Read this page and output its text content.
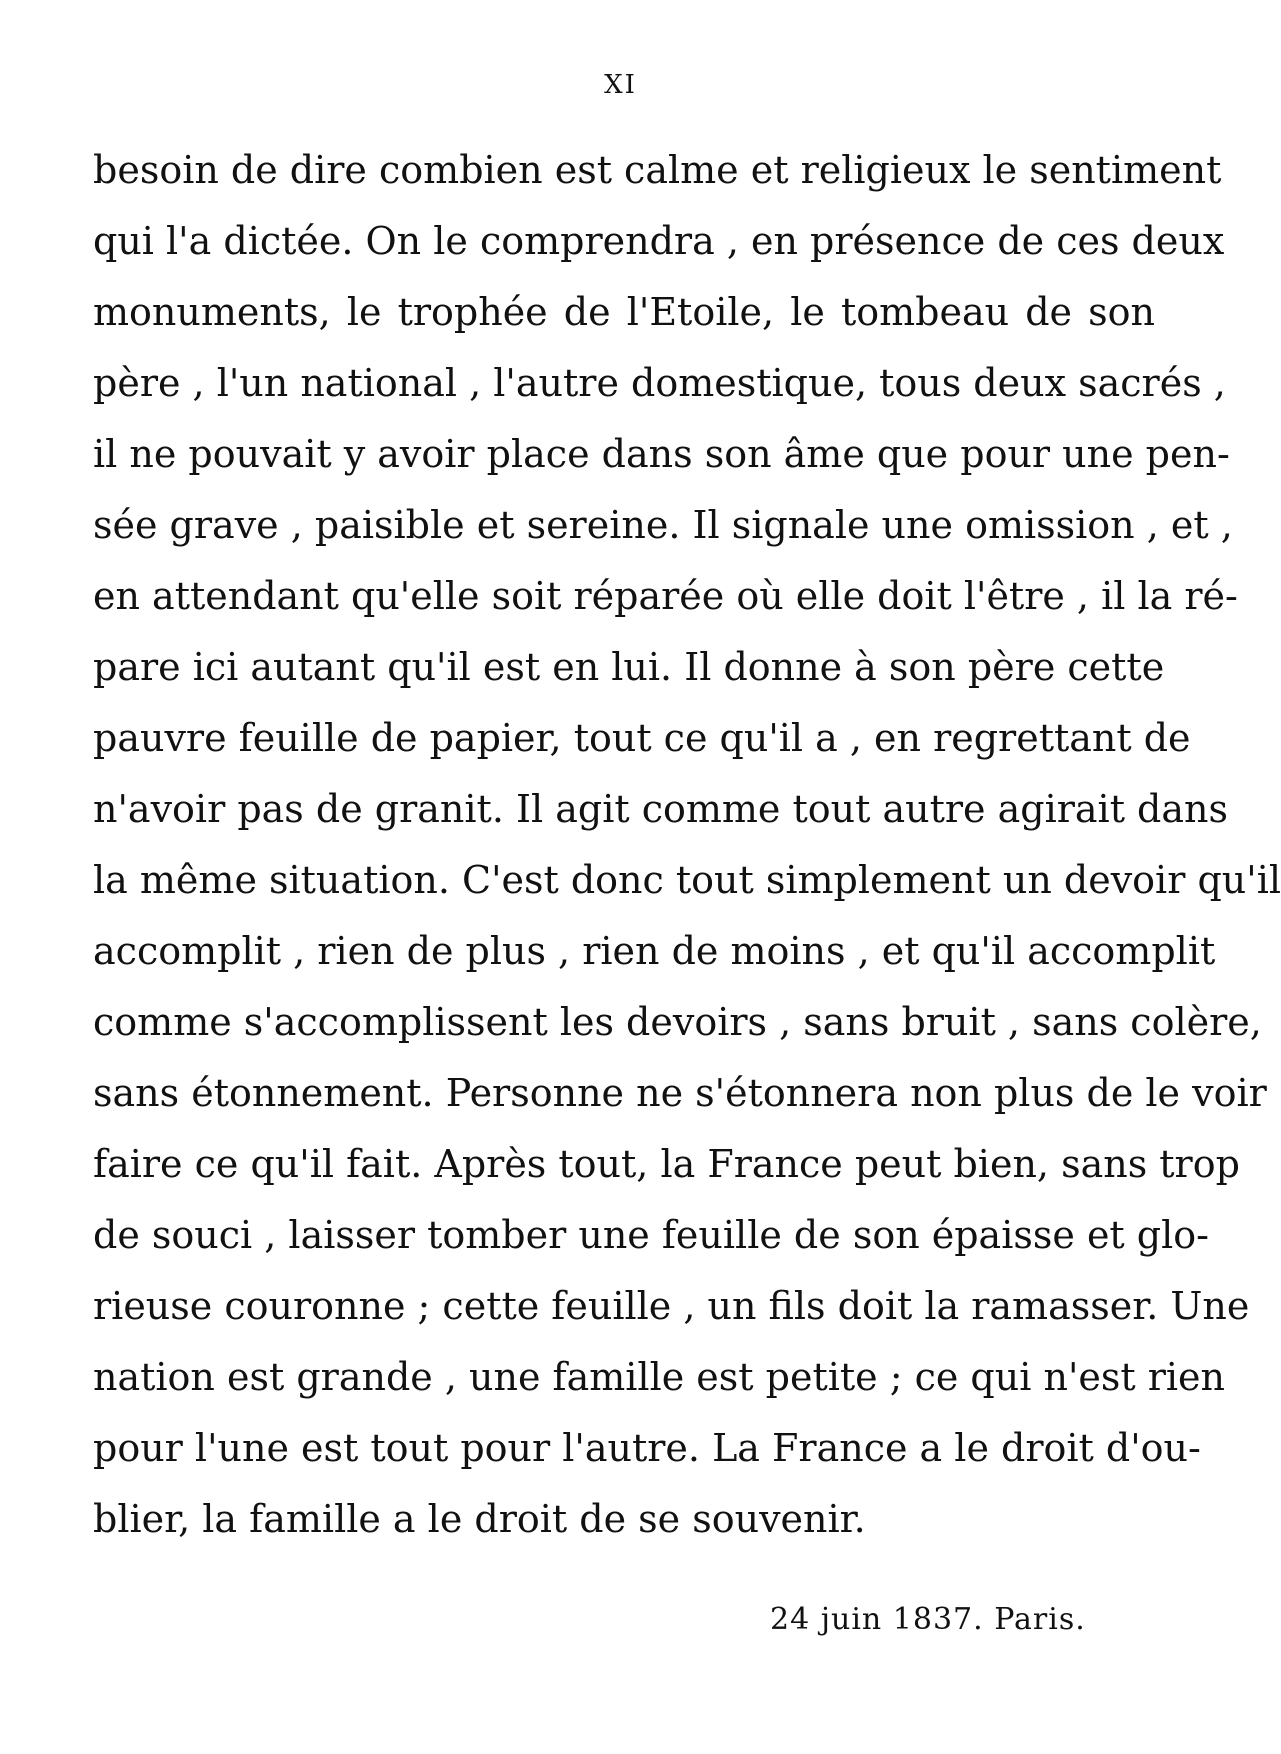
XI
besoin de dire combien est calme et religieux le sentiment
qui l'a dictée. On le comprendra , en présence de ces deux
monuments, le trophée de l'Etoile, le tombeau de son
père , l'un national , l'autre domestique, tous deux sacrés ,
il ne pouvait y avoir place dans son âme que pour une pen-
sée grave , paisible et sereine. Il signale une omission , et ,
en attendant qu'elle soit réparée où elle doit l'être , il la ré-
pare ici autant qu'il est en lui. Il donne à son père cette
pauvre feuille de papier, tout ce qu'il a , en regrettant de
n'avoir pas de granit. Il agit comme tout autre agirait dans
la même situation. C'est donc tout simplement un devoir qu'il
accomplit , rien de plus , rien de moins , et qu'il accomplit
comme s'accomplissent les devoirs , sans bruit , sans colère,
sans étonnement. Personne ne s'étonnera non plus de le voir
faire ce qu'il fait. Après tout, la France peut bien, sans trop
de souci , laisser tomber une feuille de son épaisse et glo-
rieuse couronne ; cette feuille , un fils doit la ramasser. Une
nation est grande , une famille est petite ; ce qui n'est rien
pour l'une est tout pour l'autre. La France a le droit d'ou-
blier, la famille a le droit de se souvenir.
24 juin 1837. Paris.
